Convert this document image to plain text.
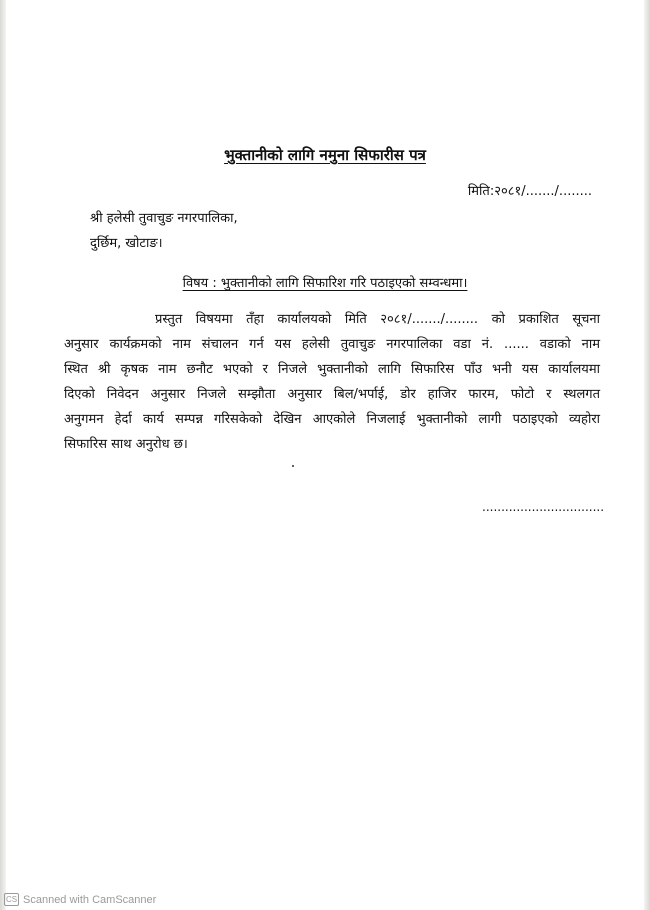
भुक्तानीको लागि नमुना सिफारीस पत्र
मिति:२०८१/......./........
श्री हलेसी तुवाचुङ नगरपालिका,
दुर्छिम, खोटाङ।
विषय : भुक्तानीको लागि सिफारिश गरि पठाइएको सम्वन्धमा।
प्रस्तुत विषयमा तँहा कार्यालयको मिति २०८१/......./........ को प्रकाशित सूचना
अनुसार कार्यक्रमको नाम संचालन गर्न यस हलेसी तुवाचुङ नगरपालिका वडा नं. ...... वडाको नाम
स्थित श्री कृषक नाम छनौट भएको र निजले भुक्तानीको लागि सिफारिस पाँउ भनी यस कार्यालयमा
दिएको निवेदन अनुसार निजले सम्झौता अनुसार बिल/भर्पाई, डोर हाजिर फारम, फोटो र स्थलगत
अनुगमन हेर्दा कार्य सम्पन्न गरिसकेको देखिन आएकोले निजलाई भुक्तानीको लागी पठाइएको व्यहोरा
सिफारिस साथ अनुरोध छ।
................................
CS Scanned with CamScanner
